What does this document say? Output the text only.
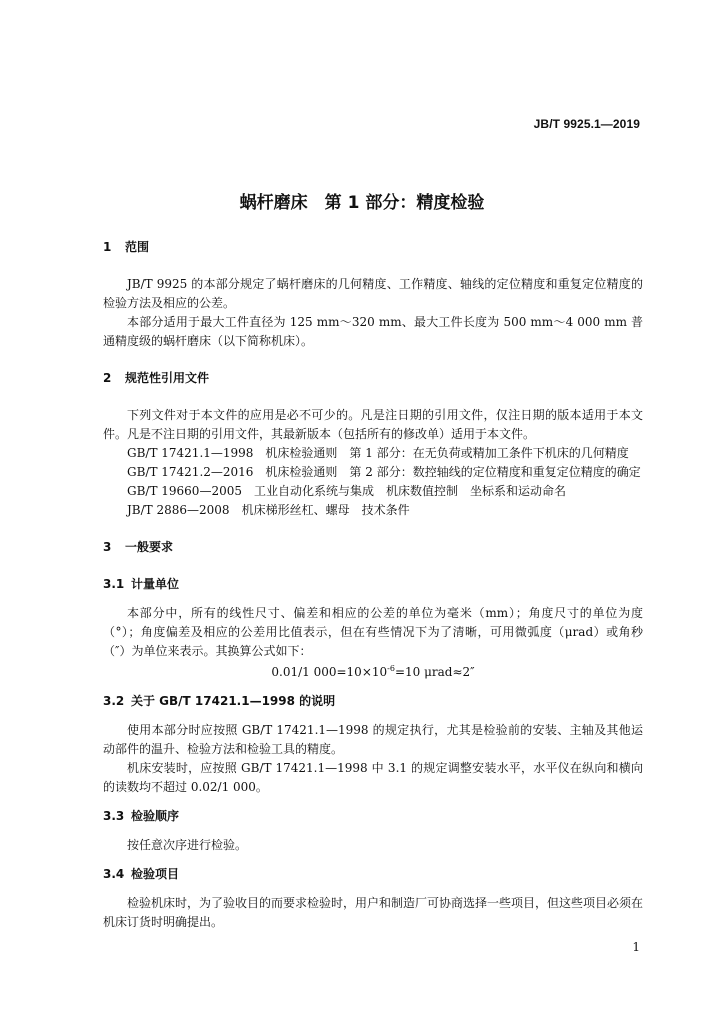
JB/T 9925.1—2019
蜗杆磨床　第 1 部分：精度检验
1 范围

JB/T 9925 的本部分规定了蜗杆磨床的几何精度、工作精度、轴线的定位精度和重复定位精度的检验方法及相应的公差。

本部分适用于最大工件直径为 125 mm～320 mm、最大工件长度为 500 mm～4 000 mm 普通精度级的蜗杆磨床（以下简称机床）。

2 规范性引用文件

下列文件对于本文件的应用是必不可少的。凡是注日期的引用文件，仅注日期的版本适用于本文件。凡是不注日期的引用文件，其最新版本（包括所有的修改单）适用于本文件。

GB/T 17421.1—1998　机床检验通则　第 1 部分：在无负荷或精加工条件下机床的几何精度
GB/T 17421.2—2016　机床检验通则　第 2 部分：数控轴线的定位精度和重复定位精度的确定
GB/T 19660—2005　工业自动化系统与集成　机床数值控制　坐标系和运动命名
JB/T 2886—2008　机床梯形丝杠、螺母　技术条件
3 一般要求
3.1 计量单位

本部分中，所有的线性尺寸、偏差和相应的公差的单位为毫米（mm）；角度尺寸的单位为度（°）；角度偏差及相应的公差用比值表示，但在有些情况下为了清晰，可用微弧度（μrad）或角秒（″）为单位来表示。其换算公式如下：

0.01/1 $000=10\times 10^{-6}=10$ μrad≈2″

3.2 关于 GB/T 17421.1—1998 的说明

使用本部分时应按照 GB/T 17421.1—1998 的规定执行，尤其是检验前的安装、主轴及其他运动部件的温升、检验方法和检验工具的精度。

机床安装时，应按照 GB/T 17421.1—1998 中 3.1 的规定调整安装水平，水平仪在纵向和横向的读数均不超过 0.02/1 000。

3.3 检验顺序

按任意次序进行检验。

3.4 检验项目

检验机床时，为了验收目的而要求检验时，用户和制造厂可协商选择一些项目，但这些项目必须在机床订货时明确提出。

1
